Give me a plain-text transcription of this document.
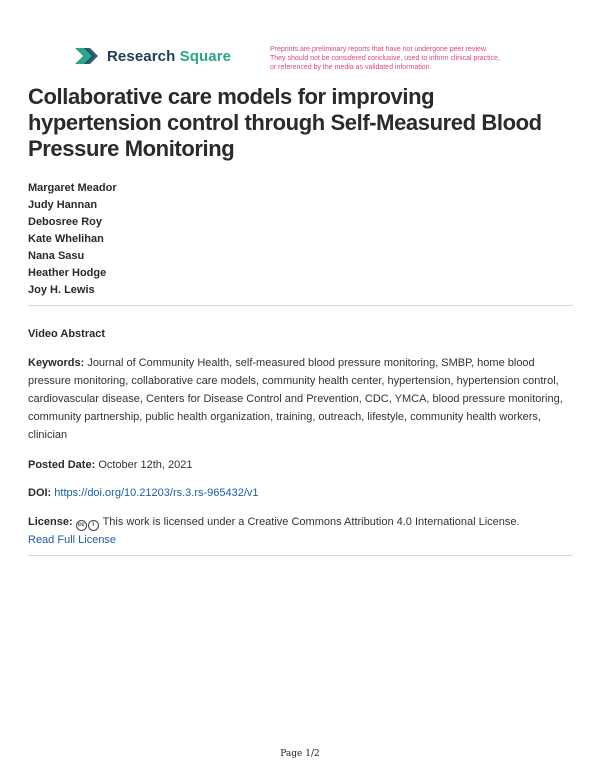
Research Square	Preprints are preliminary reports that have not undergone peer review.
They should not be considered conclusive, used to inform clinical practice,
or referenced by the media as validated information.
Collaborative care models for improving hypertension control through Self-Measured Blood Pressure Monitoring
Margaret Meador
Judy Hannan
Debosree Roy
Kate Whelihan
Nana Sasu
Heather Hodge
Joy H. Lewis
Video Abstract
Keywords: Journal of Community Health, self-measured blood pressure monitoring, SMBP, home blood pressure monitoring, collaborative care models, community health center, hypertension, hypertension control, cardiovascular disease, Centers for Disease Control and Prevention, CDC, YMCA, blood pressure monitoring, community partnership, public health organization, training, outreach, lifestyle, community health workers, clinician
Posted Date: October 12th, 2021
DOI: https://doi.org/10.21203/rs.3.rs-965432/v1
License: cc i This work is licensed under a Creative Commons Attribution 4.0 International License.
Read Full License
Page 1/2
